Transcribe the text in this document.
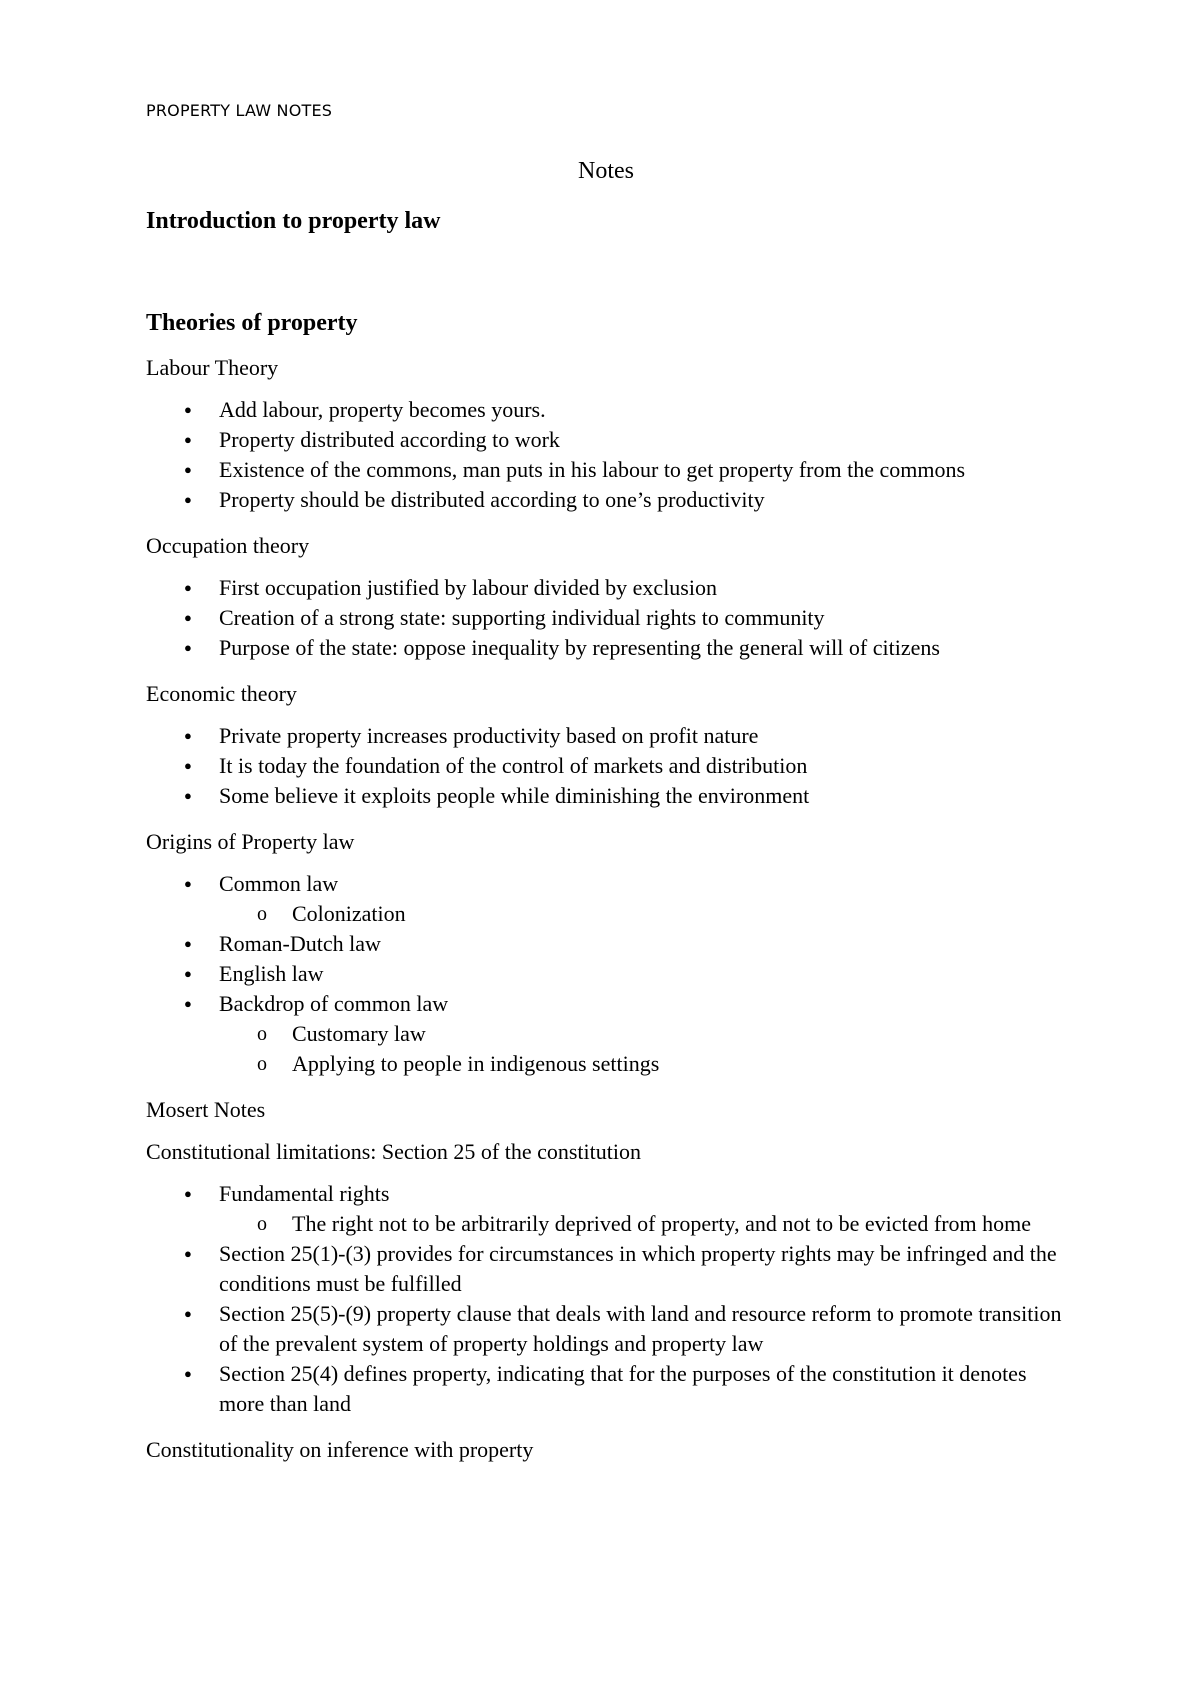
PROPERTY LAW NOTES
Notes
Introduction to property law
Theories of property

Labour Theory

● Add labour, property becomes yours.
● Property distributed according to work
● Existence of the commons, man puts in his labour to get property from the commons
● Property should be distributed according to one’s productivity

Occupation theory

● First occupation justified by labour divided by exclusion
● Creation of a strong state: supporting individual rights to community
● Purpose of the state: oppose inequality by representing the general will of citizens

Economic theory

● Private property increases productivity based on profit nature
● It is today the foundation of the control of markets and distribution
● Some believe it exploits people while diminishing the environment

Origins of Property law

● Common law
o Colonization
● Roman-Dutch law
● English law
● Backdrop of common law
o Customary law
o Applying to people in indigenous settings

Mosert Notes

Constitutional limitations: Section 25 of the constitution

● Fundamental rights
o The right not to be arbitrarily deprived of property, and not to be evicted from home
● Section 25(1)-(3) provides for circumstances in which property rights may be infringed and the conditions must be fulfilled
● Section 25(5)-(9) property clause that deals with land and resource reform to promote transition of the prevalent system of property holdings and property law
● Section 25(4) defines property, indicating that for the purposes of the constitution it denotes more than land

Constitutionality on inference with property
